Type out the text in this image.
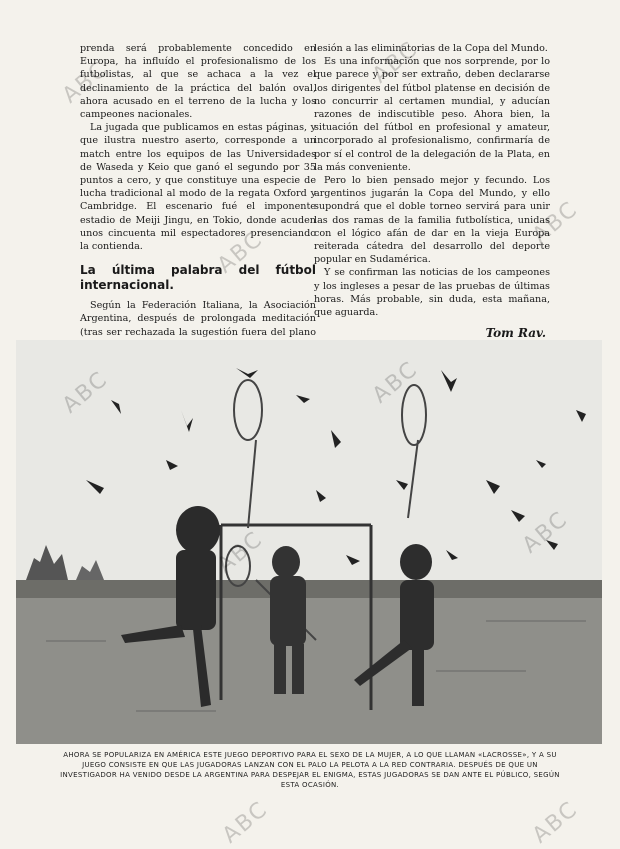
prenda será probablemente concedido en Europa, ha influído el profesionalismo de los futbolistas, al que se achaca a la vez el declinamiento de la práctica del balón oval, ahora acusado en el terreno de la lucha y los campeones nacionales.

La jugada que publicamos en estas páginas, y que ilustra nuestro aserto, corresponde a un match entre los equipos de las Universidades de Waseda y Keio que ganó el segundo por 35 puntos a cero, y que constituye una especie de lucha tradicional al modo de la regata Oxford y Cambridge. El escenario fué el imponente estadio de Meiji Jingu, en Tokio, donde acuden unos cincuenta mil espectadores presenciando la contienda.

La última palabra del fútbol internacional.

Según la Federación Italiana, la Asociación Argentina, después de prolongada meditación (tras ser rechazada la sugestión fuera del plano

lesión a las eliminatorias de la Copa del Mundo.

Es una información que nos sorprende, por lo que parece y por ser extraño, deben declararse los dirigentes del fútbol platense en decisión de no concurrir al certamen mundial, y aducían razones de indiscutible peso. Ahora bien, la situación del fútbol en profesional y amateur, incorporado al profesionalismo, confirmaría de por sí el control de la delegación de la Plata, en la más conveniente.

Pero lo bien pensado mejor y fecundo. Los argentinos jugarán la Copa del Mundo, y ello supondrá que el doble torneo servirá para unir las dos ramas de la familia futbolística, unidas con el lógico afán de dar en la vieja Europa reiterada cátedra del desarrollo del deporte popular en Sudamérica.

Y se confirman las noticias de los campeones y los ingleses a pesar de las pruebas de últimas horas. Más probable, sin duda, esta mañana, que aguarda.

Tom Rav.
AHORA SE POPULARIZA EN AMÉRICA ESTE JUEGO DEPORTIVO PARA EL SEXO DE LA MUJER, A LO QUE LLAMAN «LACROSSE», Y A SU JUEGO CONSISTE EN QUE LAS JUGADORAS LANZAN CON EL PALO LA PELOTA A LA RED CONTRARIA. DESPUÉS DE QUE UN INVESTIGADOR HA VENIDO DESDE LA ARGENTINA PARA DESPEJAR EL ENIGMA, ESTAS JUGADORAS SE DAN ANTE EL PÚBLICO, SEGÚN ESTA OCASIÓN.
ABC	ABC
ABC
ABC
ABC	ABC
